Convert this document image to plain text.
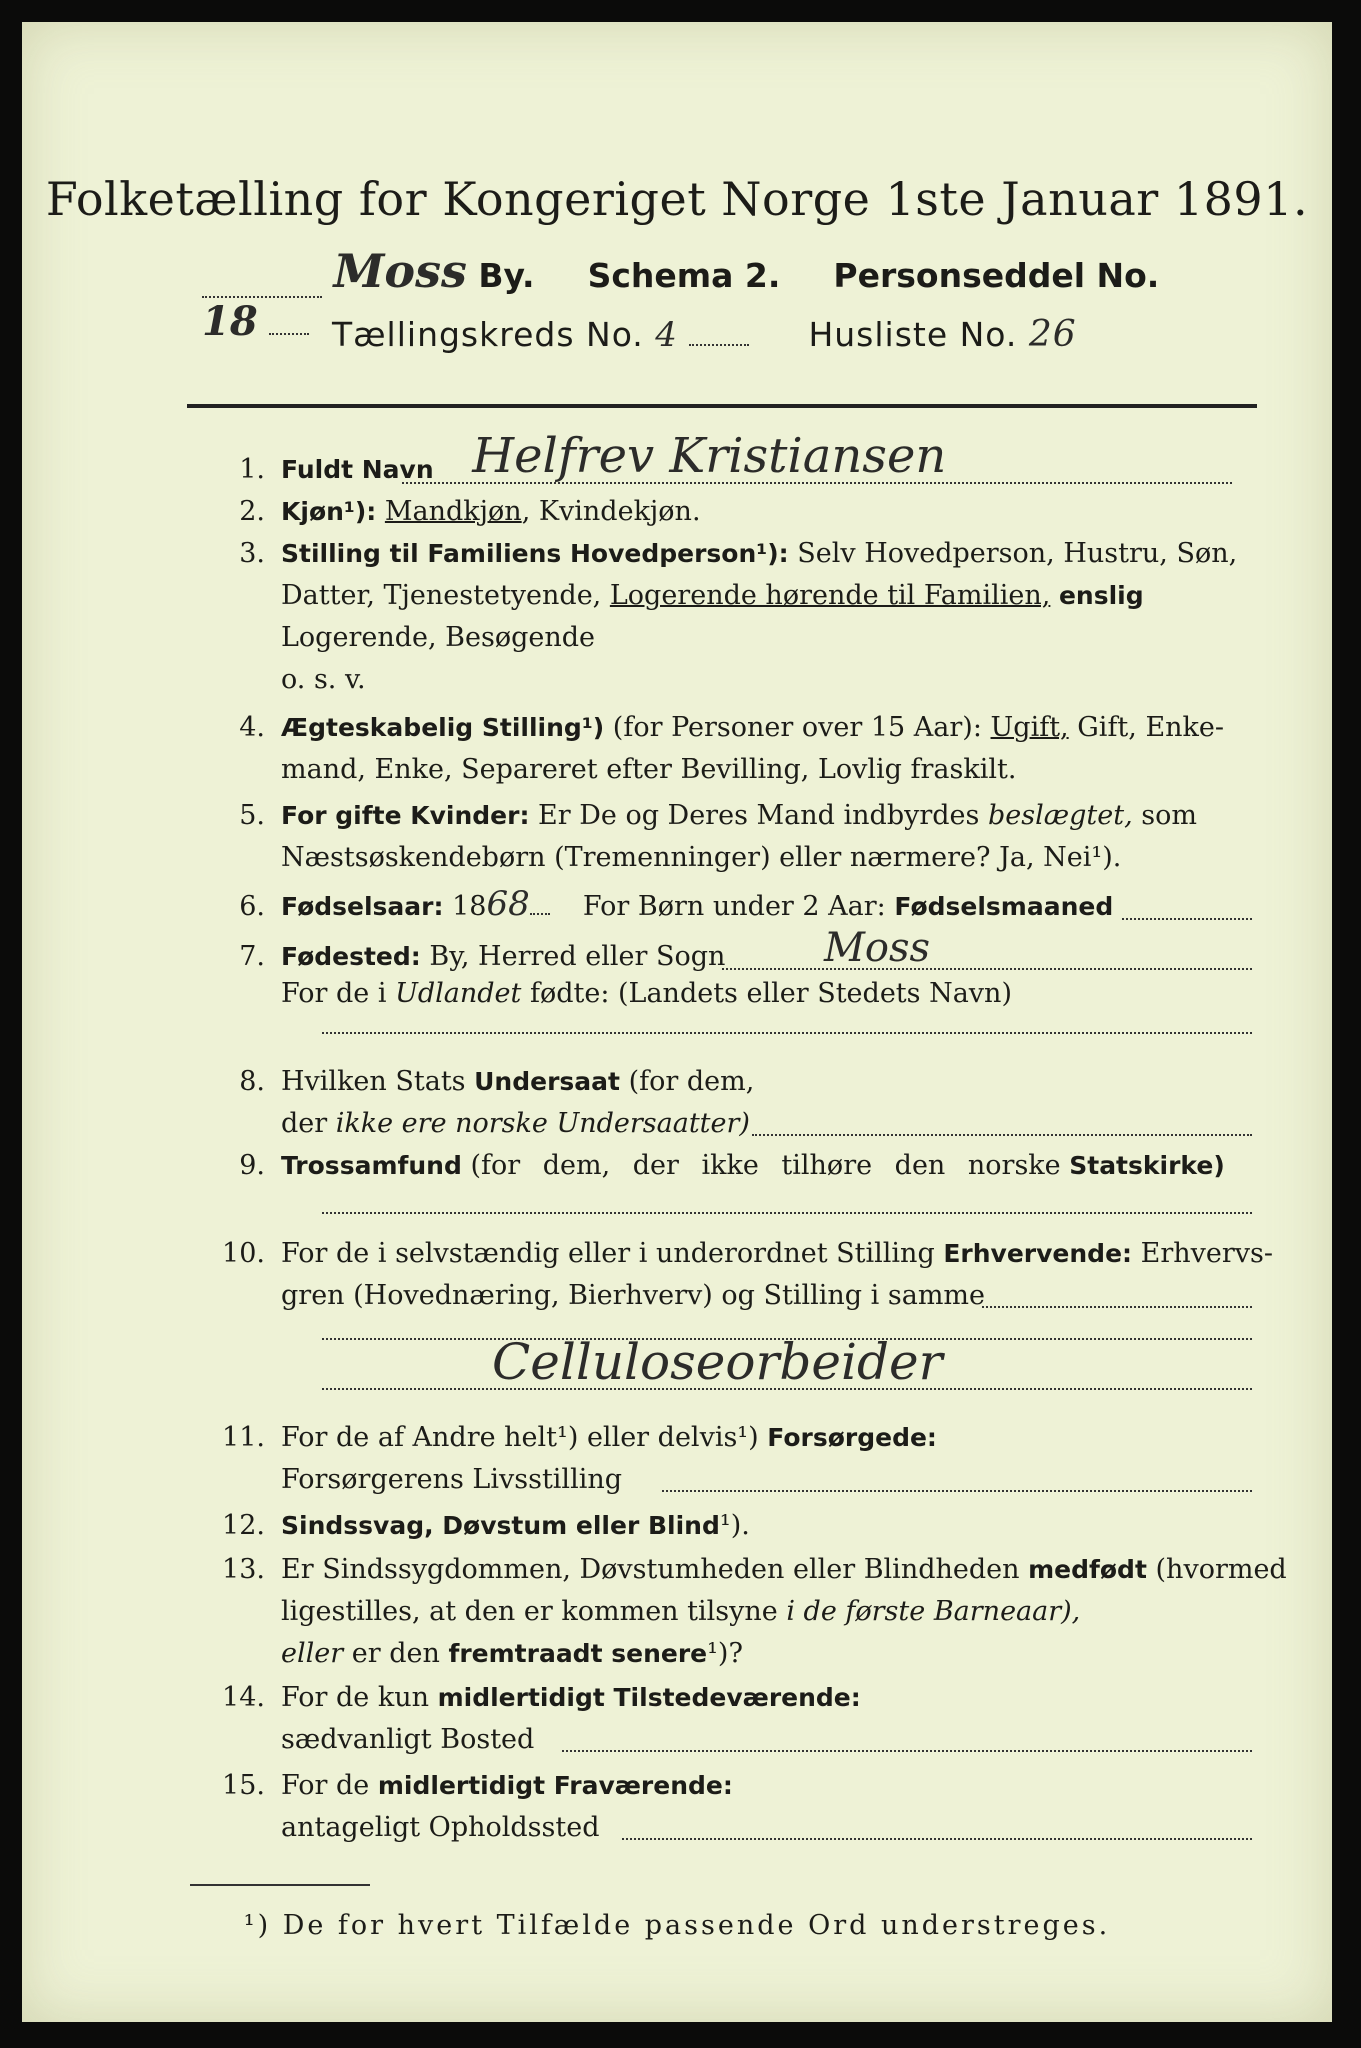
Folketælling for Kongeriget Norge 1ste Januar 1891.
Moss By. Schema 2. Personseddel No. 18	Tællingskreds No. 4	Husliste No. 26
1. Fuldt Navn Helfrev Kristiansen
2. Kjøn¹): Mandkjøn, Kvindekjøn.
3. Stilling til Familiens Hovedperson¹): Selv Hovedperson, Hustru, Søn,
Datter, Tjenestetyende, Logerende hørende til Familien, enslig
Logerende, Besøgende
o. s. v.
4. Ægteskabelig Stilling¹) (for Personer over 15 Aar): Ugift, Gift, Enke-
mand, Enke, Separeret efter Bevilling, Lovlig fraskilt.
5. For gifte Kvinder: Er De og Deres Mand indbyrdes beslægtet, som
Næstsøskendebørn (Tremenninger) eller nærmere? Ja, Nei¹).
6. Fødselsaar: 1868 For Børn under 2 Aar: Fødselsmaaned
7. Fødested: By, Herred eller Sogn Moss
For de i Udlandet fødte: (Landets eller Stedets Navn)
8. Hvilken Stats Undersaat (for dem,
der ikke ere norske Undersaatter)
9. Trossamfund (for dem, der ikke tilhøre den norske Statskirke)
10. For de i selvstændig eller i underordnet Stilling Erhvervende: Erhvervs-
gren (Hovednæring, Bierhverv) og Stilling i samme
Celluloseorbeider
11. For de af Andre helt¹) eller delvis¹) Forsørgede:
Forsørgerens Livsstilling
12. Sindssvag, Døvstum eller Blind¹).
13. Er Sindssygdommen, Døvstumheden eller Blindheden medfødt (hvormed
ligestilles, at den er kommen tilsyne i de første Barneaar),
eller er den fremtraadt senere¹)?
14. For de kun midlertidigt Tilstedeværende:
sædvanligt Bosted
15. For de midlertidigt Fraværende:
antageligt Opholdssted
¹) De for hvert Tilfælde passende Ord understreges.
